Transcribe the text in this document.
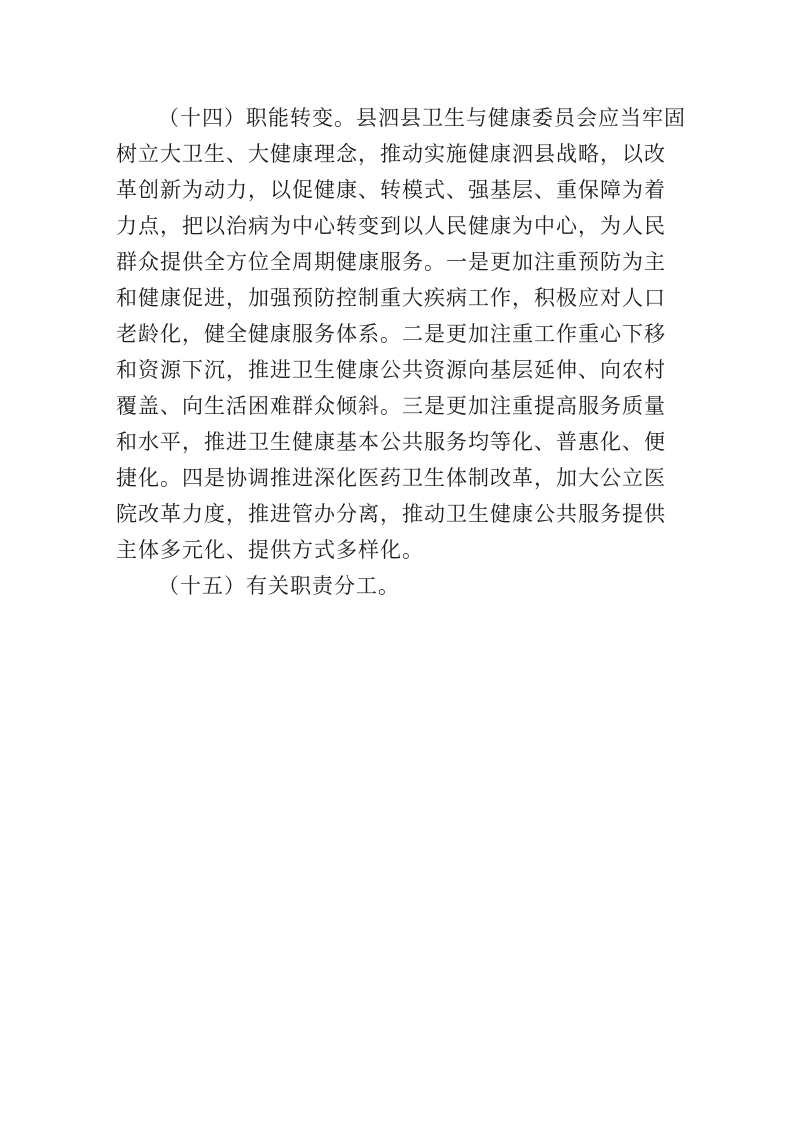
（十四）职能转变。县泗县卫生与健康委员会应当牢固
树立大卫生、大健康理念，推动实施健康泗县战略，以改
革创新为动力，以促健康、转模式、强基层、重保障为着
力点，把以治病为中心转变到以人民健康为中心，为人民
群众提供全方位全周期健康服务。一是更加注重预防为主
和健康促进，加强预防控制重大疾病工作，积极应对人口
老龄化，健全健康服务体系。二是更加注重工作重心下移
和资源下沉，推进卫生健康公共资源向基层延伸、向农村
覆盖、向生活困难群众倾斜。三是更加注重提高服务质量
和水平，推进卫生健康基本公共服务均等化、普惠化、便
捷化。四是协调推进深化医药卫生体制改革，加大公立医
院改革力度，推进管办分离，推动卫生健康公共服务提供
主体多元化、提供方式多样化。
（十五）有关职责分工。
